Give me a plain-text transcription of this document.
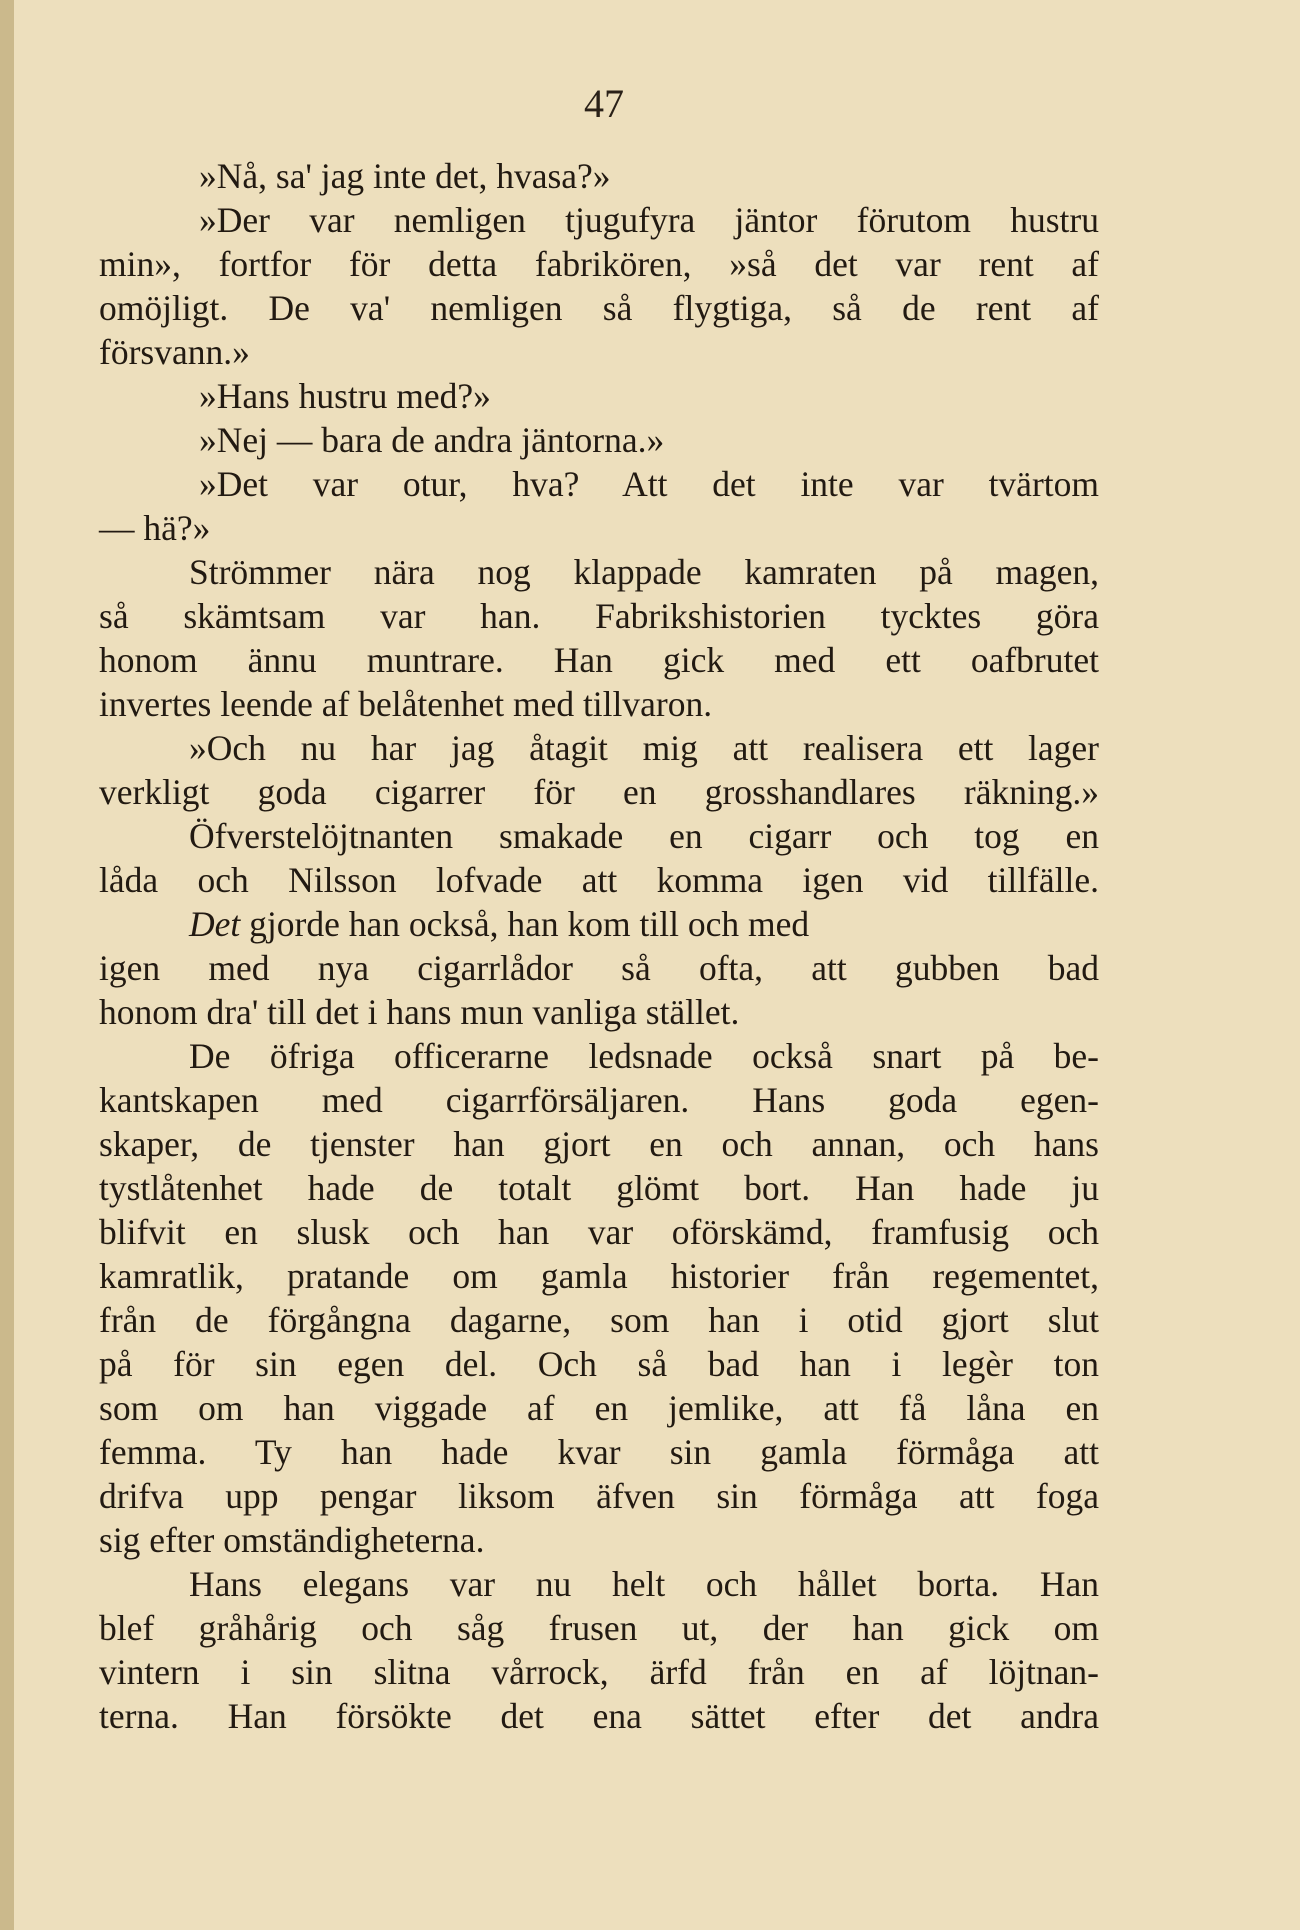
47
»Nå, sa' jag inte det, hvasa?»
»Der var nemligen tjugufyra jäntor förutom hustru
min», fortfor för detta fabrikören, »så det var rent af
omöjligt. De va' nemligen så flygtiga, så de rent af
försvann.»
»Hans hustru med?»
»Nej — bara de andra jäntorna.»
»Det var otur, hva? Att det inte var tvärtom
— hä?»
Strömmer nära nog klappade kamraten på magen,
så skämtsam var han. Fabrikshistorien tycktes göra
honom ännu muntrare. Han gick med ett oafbrutet
invertes leende af belåtenhet med tillvaron.
»Och nu har jag åtagit mig att realisera ett lager
verkligt goda cigarrer för en grosshandlares räkning.»
Öfverstelöjtnanten smakade en cigarr och tog en
låda och Nilsson lofvade att komma igen vid tillfälle.
Det gjorde han också, han kom till och med
igen med nya cigarrlådor så ofta, att gubben bad
honom dra' till det i hans mun vanliga stället.
De öfriga officerarne ledsnade också snart på be-
kantskapen med cigarrförsäljaren. Hans goda egen-
skaper, de tjenster han gjort en och annan, och hans
tystlåtenhet hade de totalt glömt bort. Han hade ju
blifvit en slusk och han var oförskämd, framfusig och
kamratlik, pratande om gamla historier från regementet,
från de förgångna dagarne, som han i otid gjort slut
på för sin egen del. Och så bad han i legèr ton
som om han viggade af en jemlike, att få låna en
femma. Ty han hade kvar sin gamla förmåga att
drifva upp pengar liksom äfven sin förmåga att foga
sig efter omständigheterna.
Hans elegans var nu helt och hållet borta. Han
blef gråhårig och såg frusen ut, der han gick om
vintern i sin slitna vårrock, ärfd från en af löjtnan-
terna. Han försökte det ena sättet efter det andra
